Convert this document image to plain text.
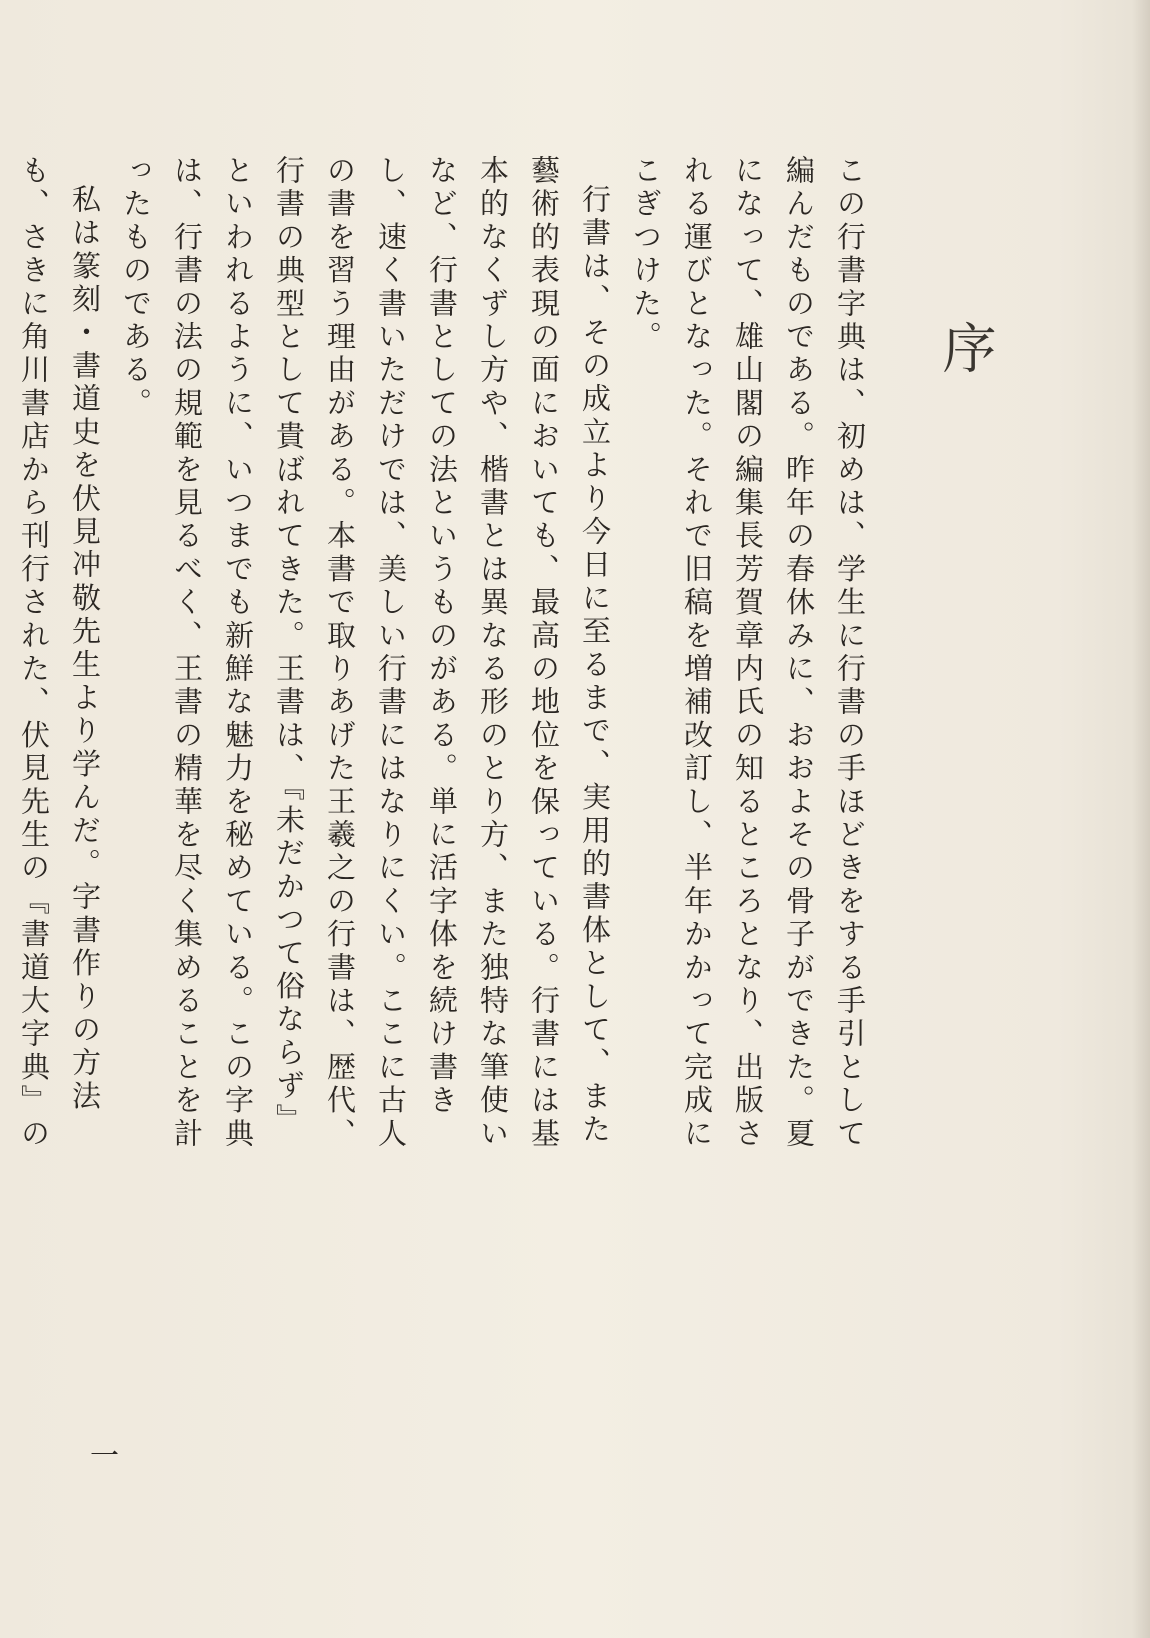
序

この行書字典は、初めは、学生に行書の手ほどきをする手引として編んだものである。昨年の春休みに、おおよその骨子ができた。夏になって、雄山閣の編集長芳賀章内氏の知るところとなり、出版される運びとなった。それで旧稿を増補改訂し、半年かかって完成にこぎつけた。

行書は、その成立より今日に至るまで、実用的書体として、また藝術的表現の面においても、最高の地位を保っている。行書には基本的なくずし方や、楷書とは異なる形のとり方、また独特な筆使いなど、行書としての法というものがある。単に活字体を続け書きし、速く書いただけでは、美しい行書にはなりにくい。ここに古人の書を習う理由がある。本書で取りあげた王羲之の行書は、歴代、行書の典型として貴ばれてきた。王書は、『未だかつて俗ならず』といわれるように、いつまでも新鮮な魅力を秘めている。この字典は、行書の法の規範を見るべく、王書の精華を尽く集めることを計ったものである。

私は篆刻・書道史を伏見冲敬先生より学んだ。字書作りの方法も、さきに角川書店から刊行された、伏見先生の『書道大字典』の

一
